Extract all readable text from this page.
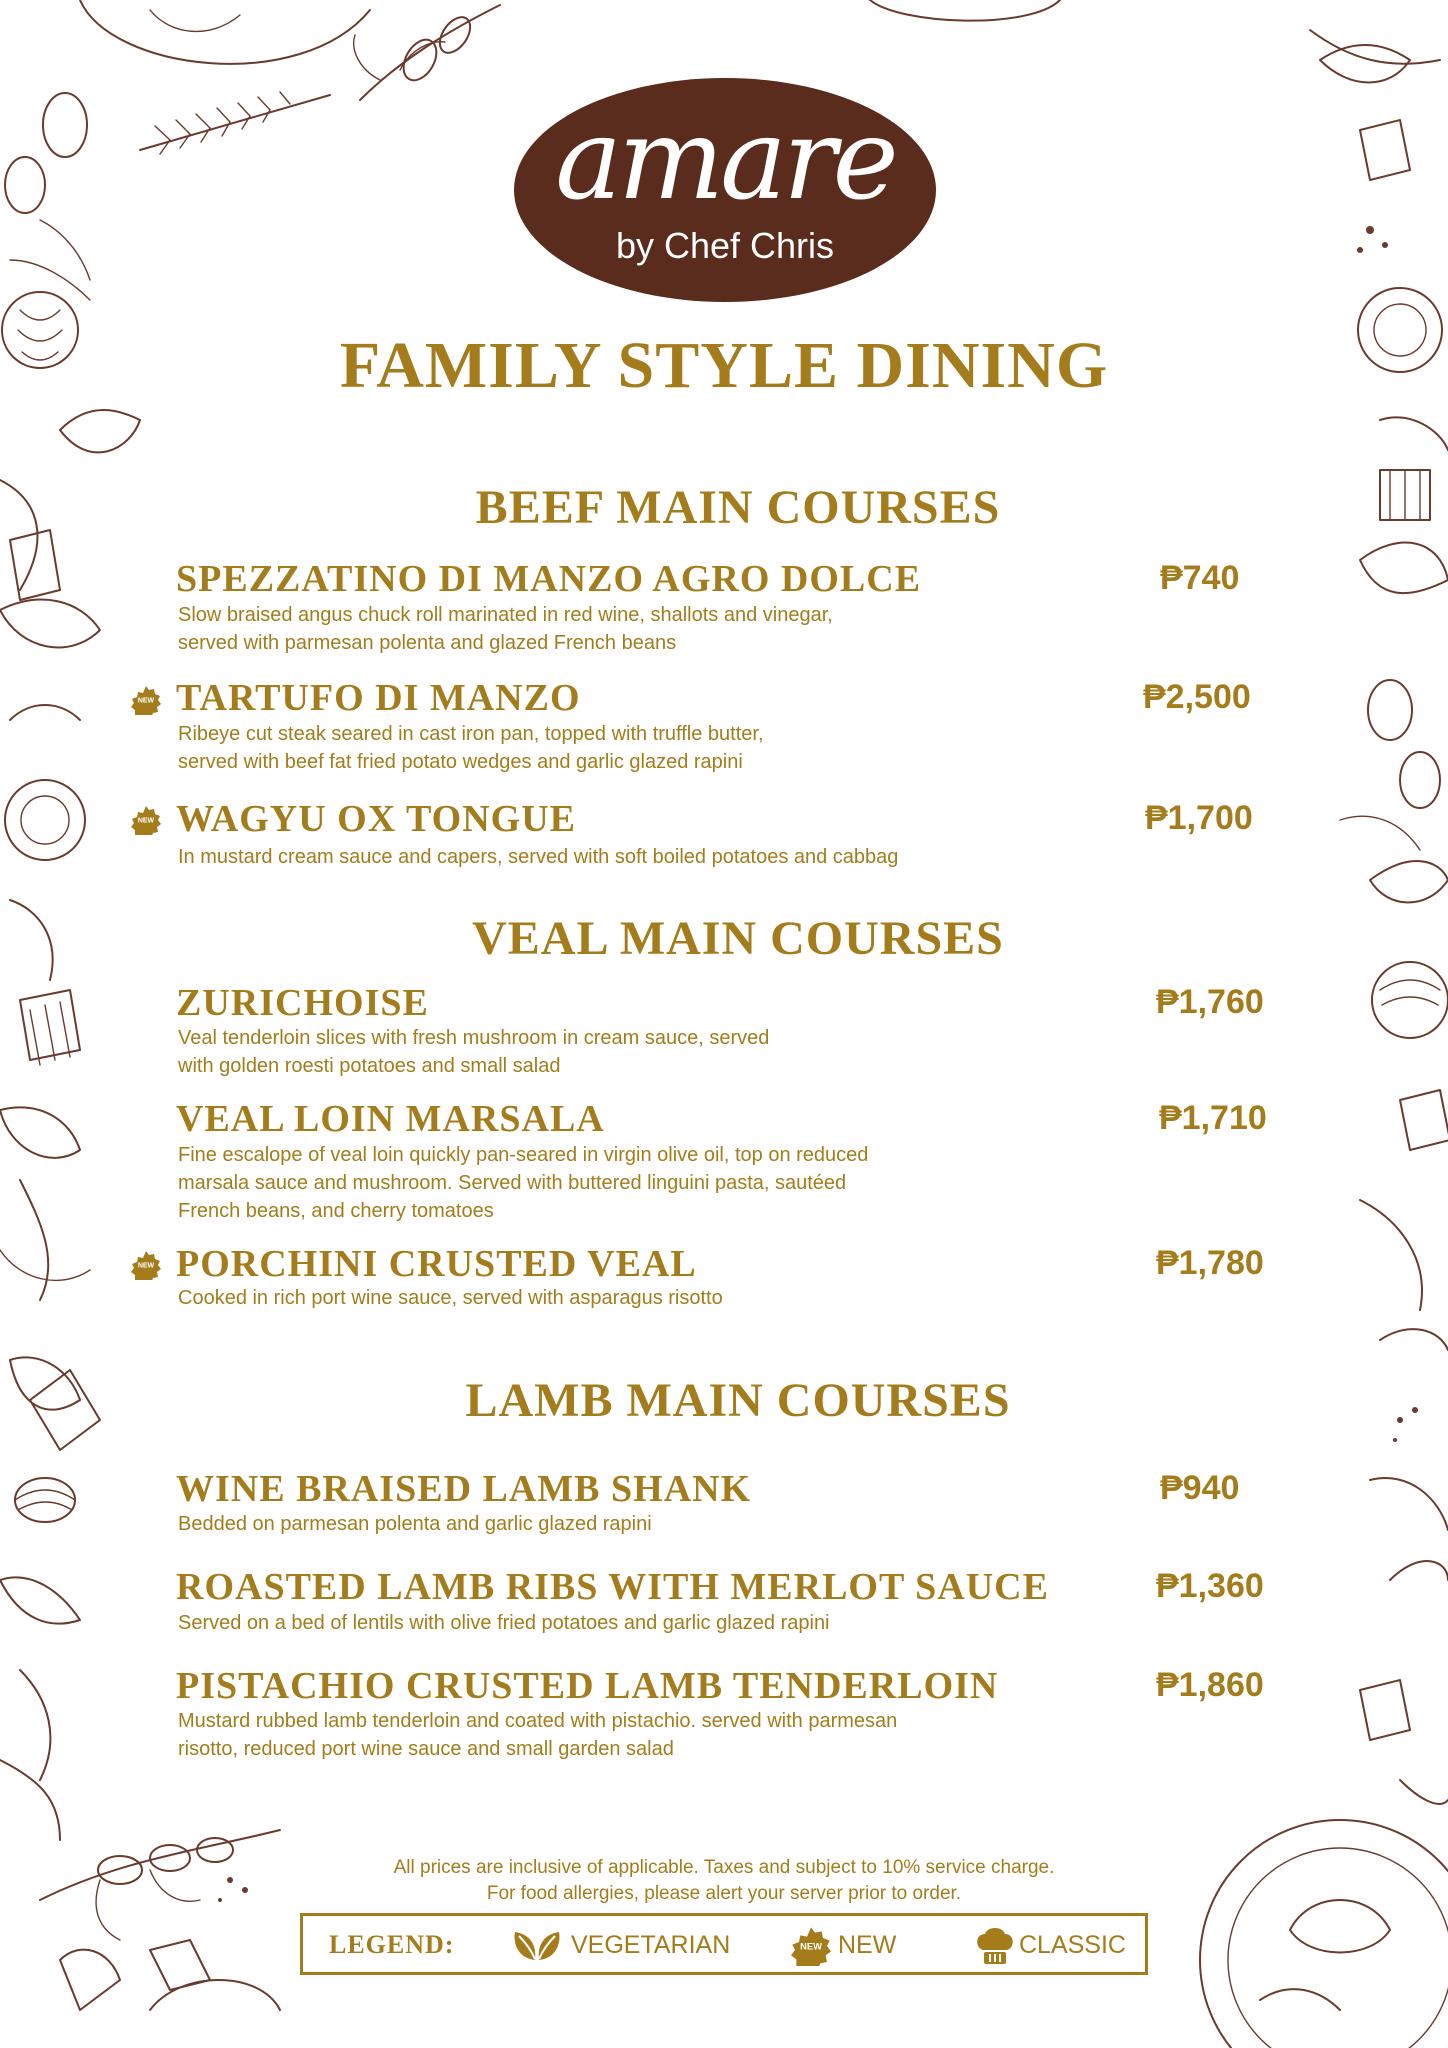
amare
by Chef Chris
FAMILY STYLE DINING
BEEF MAIN COURSES
SPEZZATINO DI MANZO AGRO DOLCE	₱740
Slow braised angus chuck roll marinated in red wine, shallots and vinegar,
served with parmesan polenta and glazed French beans
NEW TARTUFO DI MANZO	₱2,500
Ribeye cut steak seared in cast iron pan, topped with truffle butter,
served with beef fat fried potato wedges and garlic glazed rapini
NEW WAGYU OX TONGUE	₱1,700
In mustard cream sauce and capers, served with soft boiled potatoes and cabbag
VEAL MAIN COURSES
ZURICHOISE	₱1,760
Veal tenderloin slices with fresh mushroom in cream sauce, served
with golden roesti potatoes and small salad
VEAL LOIN MARSALA	₱1,710
Fine escalope of veal loin quickly pan-seared in virgin olive oil, top on reduced
marsala sauce and mushroom. Served with buttered linguini pasta, sautéed
French beans, and cherry tomatoes
NEW PORCHINI CRUSTED VEAL	₱1,780
Cooked in rich port wine sauce, served with asparagus risotto
LAMB MAIN COURSES
WINE BRAISED LAMB SHANK	₱940
Bedded on parmesan polenta and garlic glazed rapini
ROASTED LAMB RIBS WITH MERLOT SAUCE	₱1,360
Served on a bed of lentils with olive fried potatoes and garlic glazed rapini
PISTACHIO CRUSTED LAMB TENDERLOIN	₱1,860
Mustard rubbed lamb tenderloin and coated with pistachio. served with parmesan
risotto, reduced port wine sauce and small garden salad
All prices are inclusive of applicable. Taxes and subject to 10% service charge.
For food allergies, please alert your server prior to order.
LEGEND:	VEGETARIAN	NEW NEW	CLASSIC
